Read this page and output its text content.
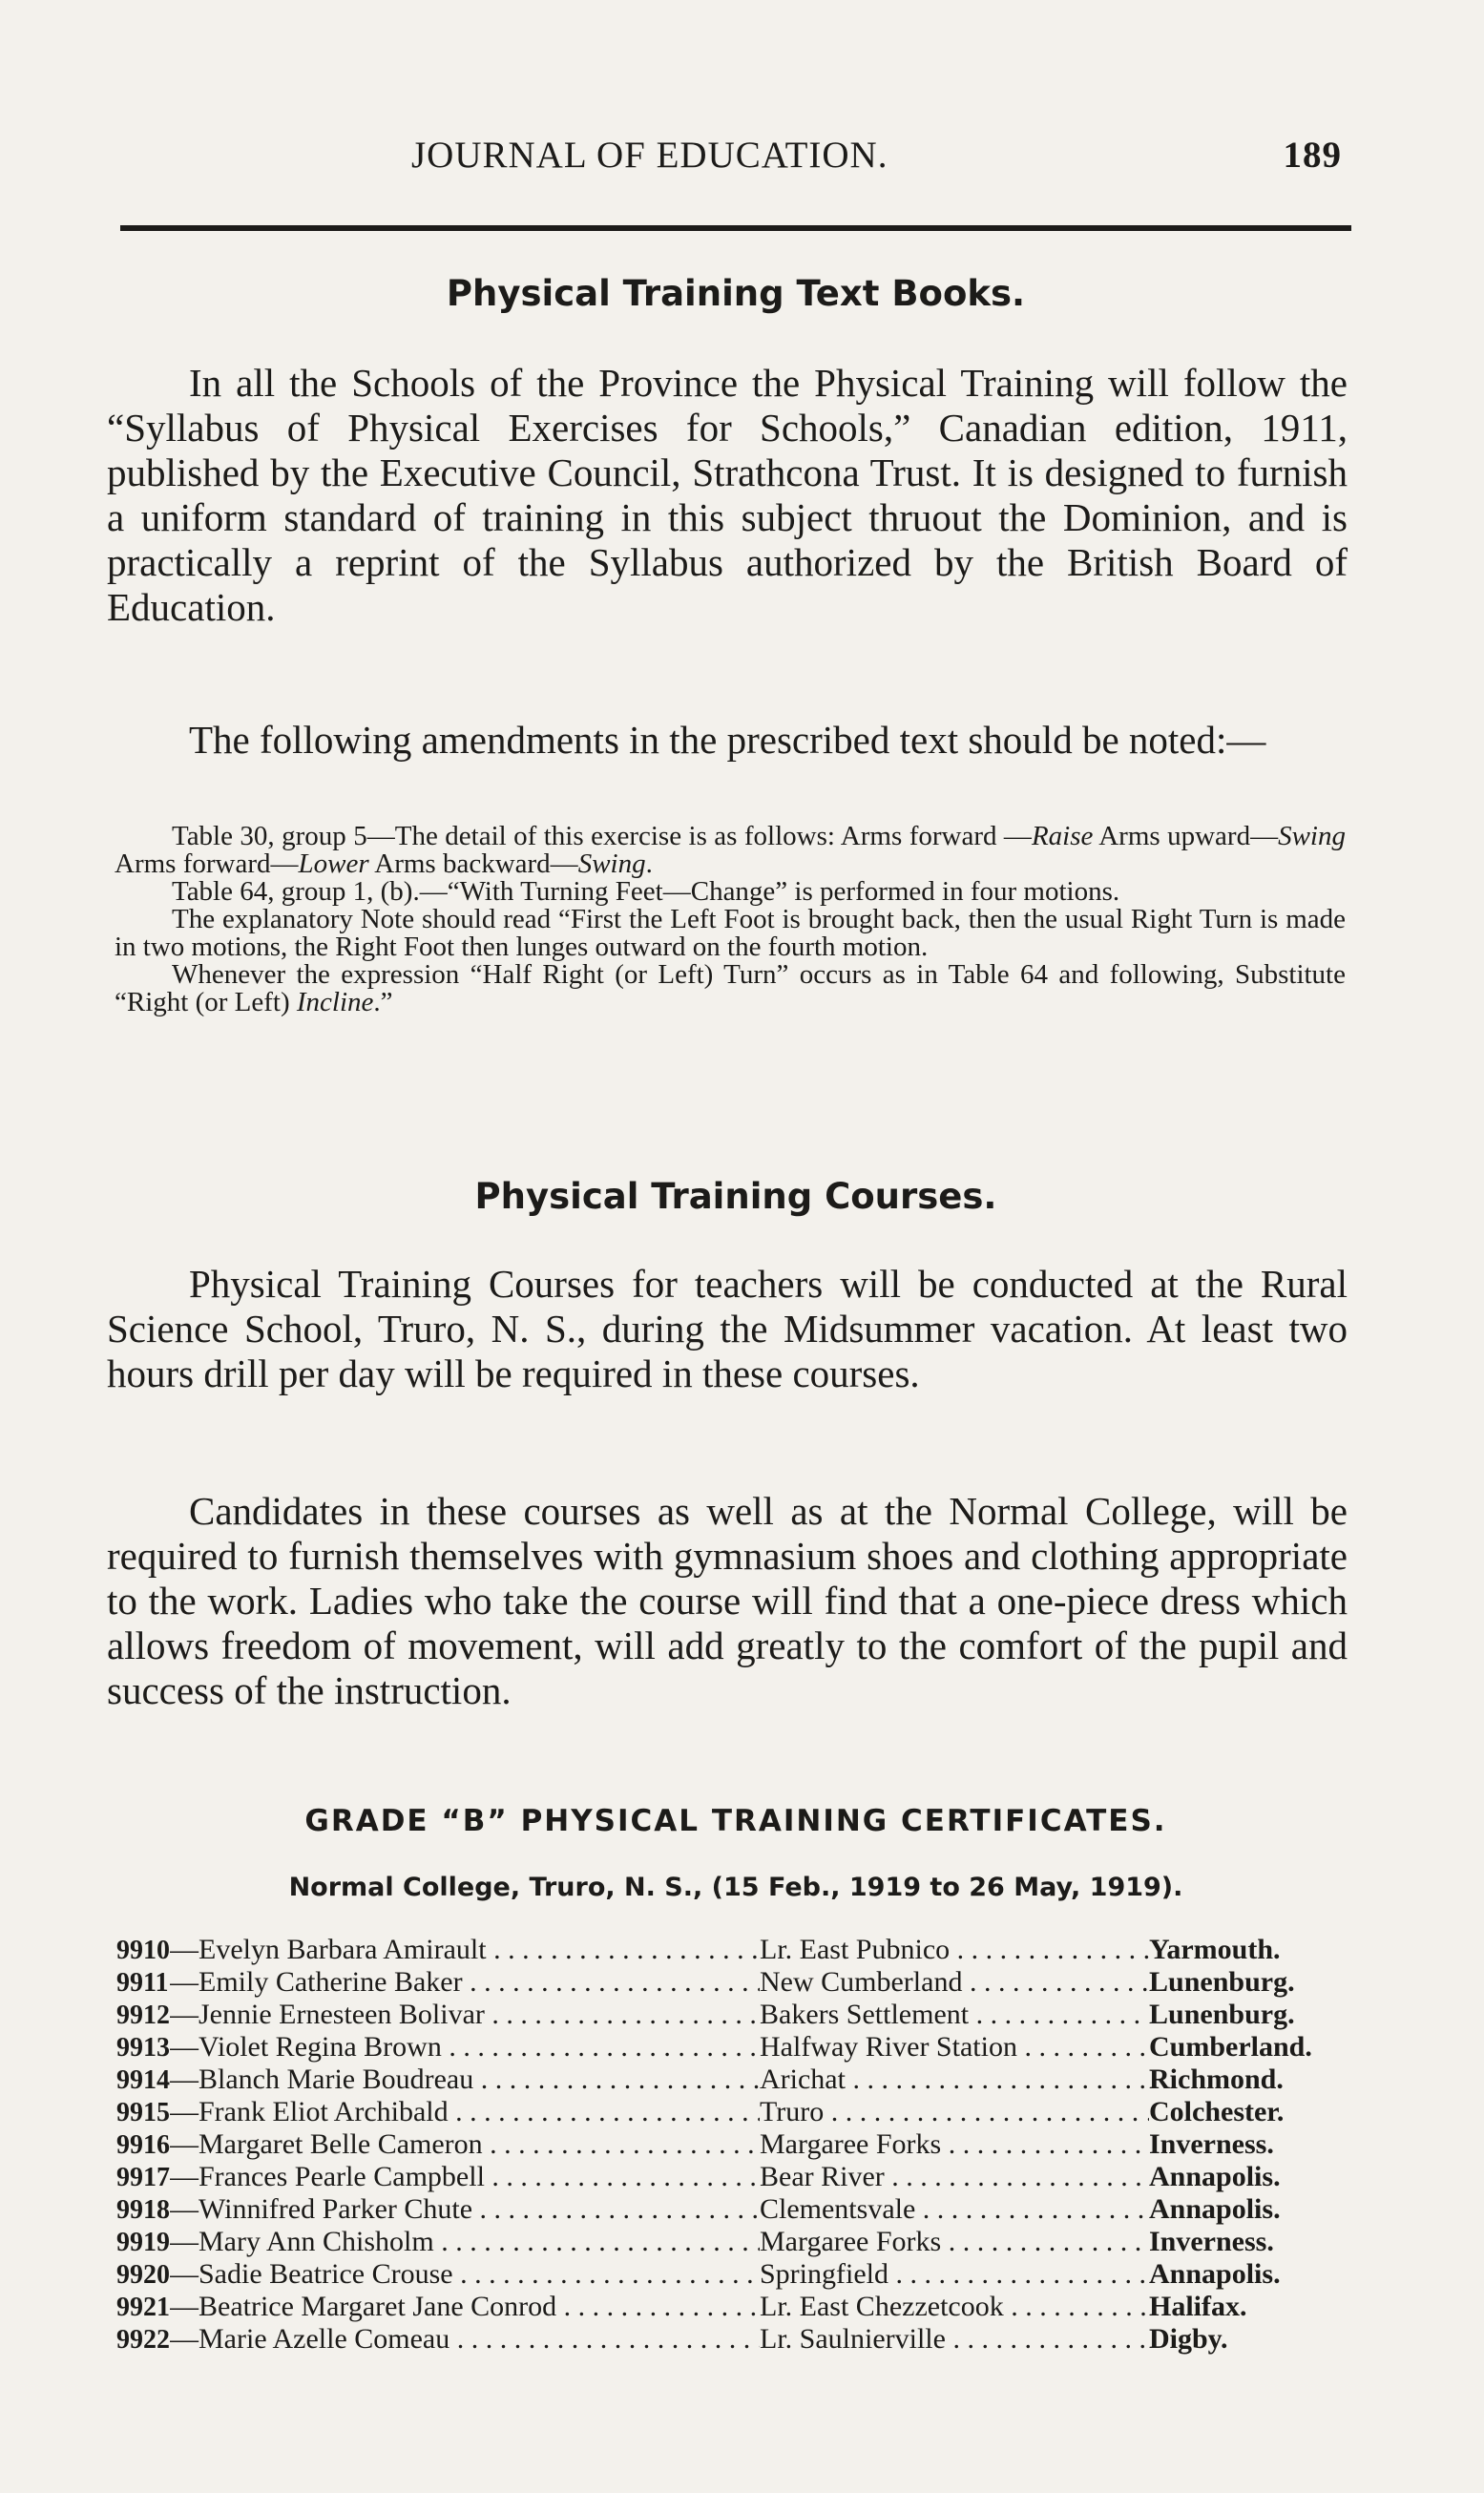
JOURNAL OF EDUCATION.	189
Physical Training Text Books.

In all the Schools of the Province the Physical Training will follow the “Syllabus of Physical Exercises for Schools,” Canadian edition, 1911, published by the Executive Council, Strathcona Trust. It is designed to furnish a uniform standard of training in this subject thruout the Dominion, and is practically a reprint of the Syllabus authorized by the British Board of Education.

The following amendments in the prescribed text should be noted:—

Table 30, group 5—The detail of this exercise is as follows: Arms forward —Raise Arms upward—Swing Arms forward—Lower Arms backward—Swing.

Table 64, group 1, (b).—“With Turning Feet—Change” is performed in four motions.

The explanatory Note should read “First the Left Foot is brought back, then the usual Right Turn is made in two motions, the Right Foot then lunges outward on the fourth motion.

Whenever the expression “Half Right (or Left) Turn” occurs as in Table 64 and following, Substitute “Right (or Left) Incline.”

Physical Training Courses.

Physical Training Courses for teachers will be conducted at the Rural Science School, Truro, N. S., during the Midsummer vacation. At least two hours drill per day will be required in these courses.

Candidates in these courses as well as at the Normal College, will be required to furnish themselves with gymnasium shoes and clothing appropriate to the work. Ladies who take the course will find that a one-piece dress which allows freedom of movement, will add greatly to the comfort of the pupil and success of the instruction.

GRADE “B” PHYSICAL TRAINING CERTIFICATES.
Normal College, Truro, N. S., (15 Feb., 1919 to 26 May, 1919).
9910—Evelyn Barbara Amirault . . .	Lr. East Pubnico . . .	Yarmouth.
9911—Emily Catherine Baker . . .	New Cumberland . . .	Lunenburg.
9912—Jennie Ernesteen Bolivar . . .	Bakers Settlement . . .	Lunenburg.
9913—Violet Regina Brown . . .	Halfway River Station . . .	Cumberland.
9914—Blanch Marie Boudreau . . .	Arichat . . .	Richmond.
9915—Frank Eliot Archibald . . .	Truro . . .	Colchester.
9916—Margaret Belle Cameron . . .	Margaree Forks . . .	Inverness.
9917—Frances Pearle Campbell . . .	Bear River . . .	Annapolis.
9918—Winnifred Parker Chute . . .	Clementsvale . . .	Annapolis.
9919—Mary Ann Chisholm . . .	Margaree Forks . . .	Inverness.
9920—Sadie Beatrice Crouse . . .	Springfield . . .	Annapolis.
9921—Beatrice Margaret Jane Conrod . . .	Lr. East Chezzetcook . . .	Halifax.
9922—Marie Azelle Comeau . . .	Lr. Saulnierville . . .	Digby.
